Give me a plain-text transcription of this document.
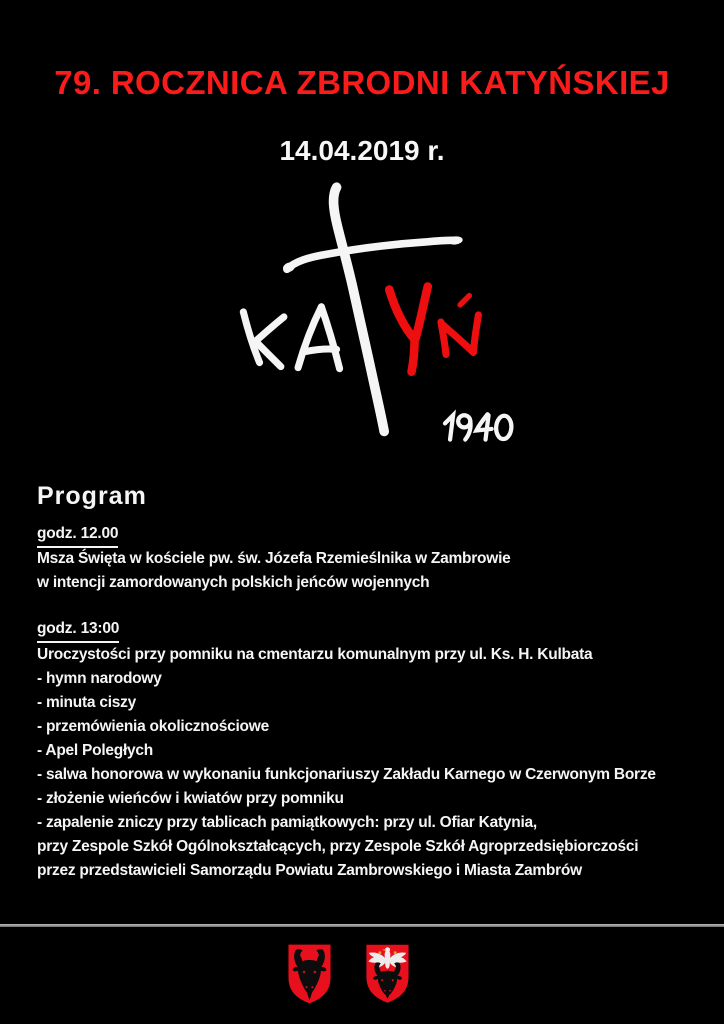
79. ROCZNICA ZBRODNI KATYŃSKIEJ
14.04.2019 r.
Program
godz. 12.00
Msza Święta w kościele pw. św. Józefa Rzemieślnika w Zambrowie
w intencji zamordowanych polskich jeńców wojennych
godz. 13:00
Uroczystości przy pomniku na cmentarzu komunalnym przy ul. Ks. H. Kulbata
- hymn narodowy
- minuta ciszy
- przemówienia okolicznościowe
- Apel Poległych
- salwa honorowa w wykonaniu funkcjonariuszy Zakładu Karnego w Czerwonym Borze
- złożenie wieńców i kwiatów przy pomniku
- zapalenie zniczy przy tablicach pamiątkowych: przy ul. Ofiar Katynia,
przy Zespole Szkół Ogólnokształcących, przy Zespole Szkół Agroprzedsiębiorczości
przez przedstawicieli Samorządu Powiatu Zambrowskiego i Miasta Zambrów
